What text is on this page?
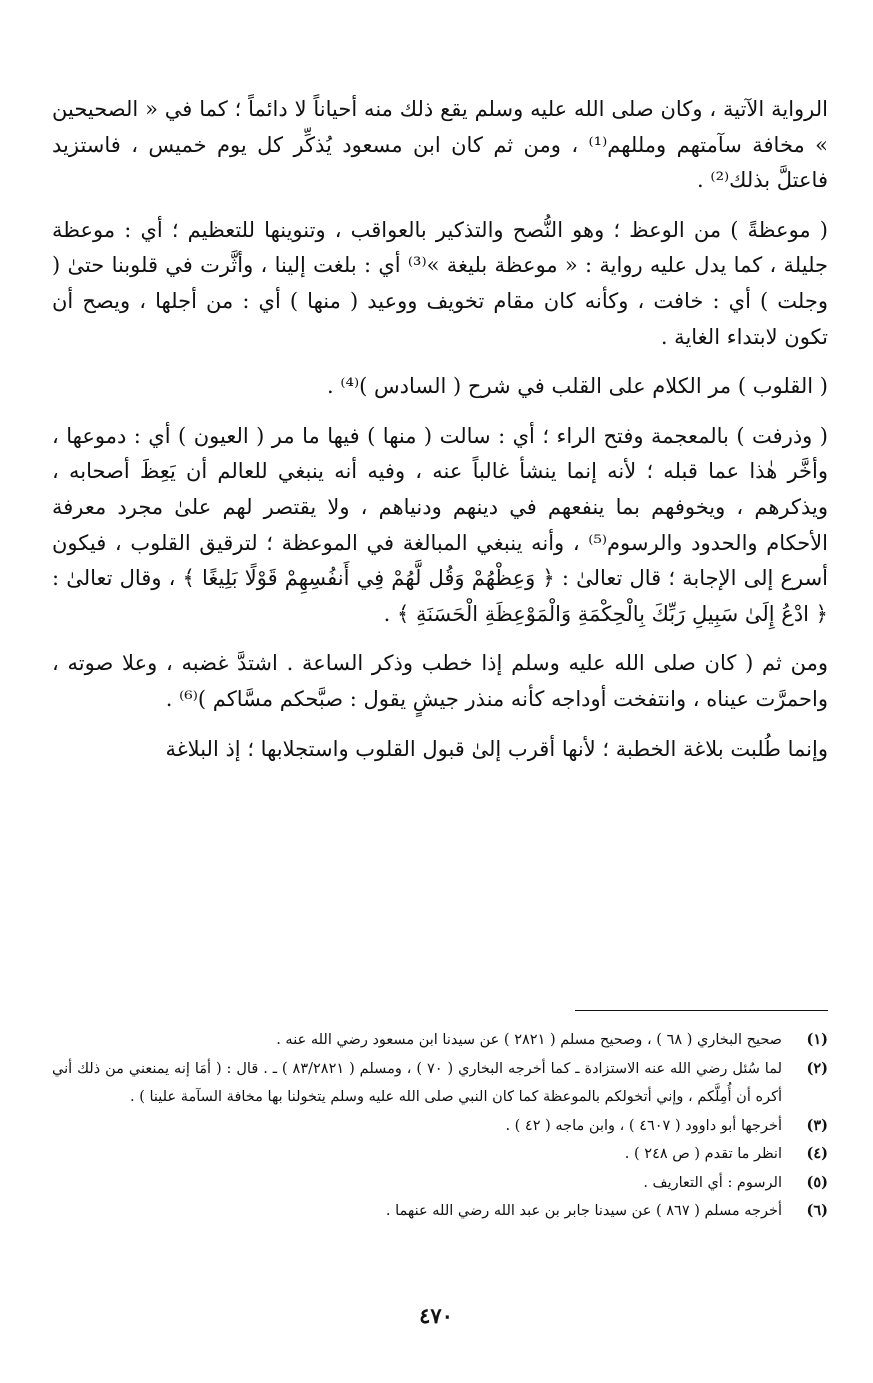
الرواية الآتية ، وكان صلى الله عليه وسلم يقع ذلك منه أحياناً لا دائماً ؛ كما في « الصحيحين » مخافة سآمتهم ومللهم⁽¹⁾ ، ومن ثم كان ابن مسعود يُذكِّر كل يوم خميس ، فاستزيد فاعتلَّ بذلك⁽²⁾ .

( موعظةً ) من الوعظ ؛ وهو النُّصح والتذكير بالعواقب ، وتنوينها للتعظيم ؛ أي : موعظة جليلة ، كما يدل عليه رواية : « موعظة بليغة »⁽³⁾ أي : بلغت إلينا ، وأثَّرت في قلوبنا حتىٰ ( وجلت ) أي : خافت ، وكأنه كان مقام تخويف ووعيد ( منها ) أي : من أجلها ، ويصح أن تكون لابتداء الغاية .

( القلوب ) مر الكلام على القلب في شرح ( السادس )⁽⁴⁾ .

( وذرفت ) بالمعجمة وفتح الراء ؛ أي : سالت ( منها ) فيها ما مر ( العيون ) أي : دموعها ، وأخَّر هٰذا عما قبله ؛ لأنه إنما ينشأ غالباً عنه ، وفيه أنه ينبغي للعالم أن يَعِظَ أصحابه ، ويذكرهم ، ويخوفهم بما ينفعهم في دينهم ودنياهم ، ولا يقتصر لهم علىٰ مجرد معرفة الأحكام والحدود والرسوم⁽⁵⁾ ، وأنه ينبغي المبالغة في الموعظة ؛ لترقيق القلوب ، فيكون أسرع إلى الإجابة ؛ قال تعالىٰ : ﴿ وَعِظْهُمْ وَقُل لَّهُمْ فِي أَنفُسِهِمْ قَوْلًا بَلِيغًا ﴾ ، وقال تعالىٰ : ﴿ ادْعُ إِلَىٰ سَبِيلِ رَبِّكَ بِالْحِكْمَةِ وَالْمَوْعِظَةِ الْحَسَنَةِ ﴾ .

ومن ثم ( كان صلى الله عليه وسلم إذا خطب وذكر الساعة . اشتدَّ غضبه ، وعلا صوته ، واحمرَّت عيناه ، وانتفخت أوداجه كأنه منذر جيشٍ يقول : صبَّحكم مسَّاكم )⁽⁶⁾ .

وإنما طُلبت بلاغة الخطبة ؛ لأنها أقرب إلىٰ قبول القلوب واستجلابها ؛ إذ البلاغة

(١)
صحيح البخاري ( ٦٨ ) ، وصحيح مسلم ( ٢٨٢١ ) عن سيدنا ابن مسعود رضي الله عنه .
(٢)
لما سُئل رضي الله عنه الاستزادة ـ كما أخرجه البخاري ( ٧٠ ) ، ومسلم ( ٨٣/٢٨٢١ ) ـ . قال : ( أمَا إنه يمنعني من ذلك أني أكره أن أُمِلَّكم ، وإني أتخولكم بالموعظة كما كان النبي صلى الله عليه وسلم يتخولنا بها مخافة السآمة علينا ) .
(٣)
أخرجها أبو داوود ( ٤٦٠٧ ) ، وابن ماجه ( ٤٢ ) .
(٤)
انظر ما تقدم ( ص ٢٤٨ ) .
(٥)
الرسوم : أي التعاريف .
(٦)
أخرجه مسلم ( ٨٦٧ ) عن سيدنا جابر بن عبد الله رضي الله عنهما .
٤٧٠
